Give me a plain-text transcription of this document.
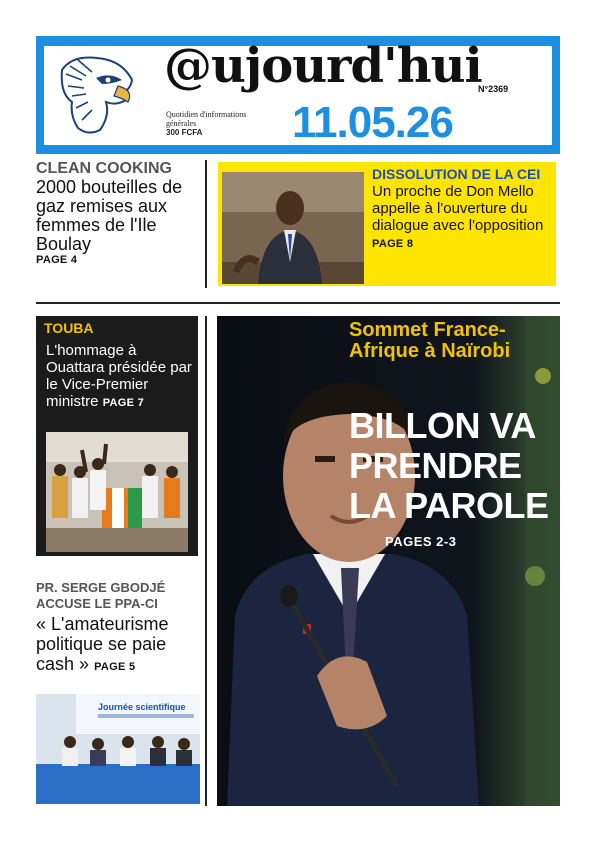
@ujourd'hui
N°2369
Quotidien d'informations générales
300 FCFA	11.05.26
CLEAN COOKING
2000 bouteilles de gaz remises aux femmes de l'Ile Boulay
PAGE 4
DISSOLUTION DE LA CEI
Un proche de Don Mello appelle à l'ouverture du dialogue avec l'opposition PAGE 8
TOUBA
L'hommage à Ouattara présidée par le Vice-Premier ministre PAGE 7
PR. SERGE GBODJÉ ACCUSE LE PPA-CI
« L'amateurisme politique se paie cash » PAGE 5
Journée scientifique
Sommet France-Afrique à Naïrobi
BILLON VA PRENDRE LA PAROLE
PAGES 2-3
